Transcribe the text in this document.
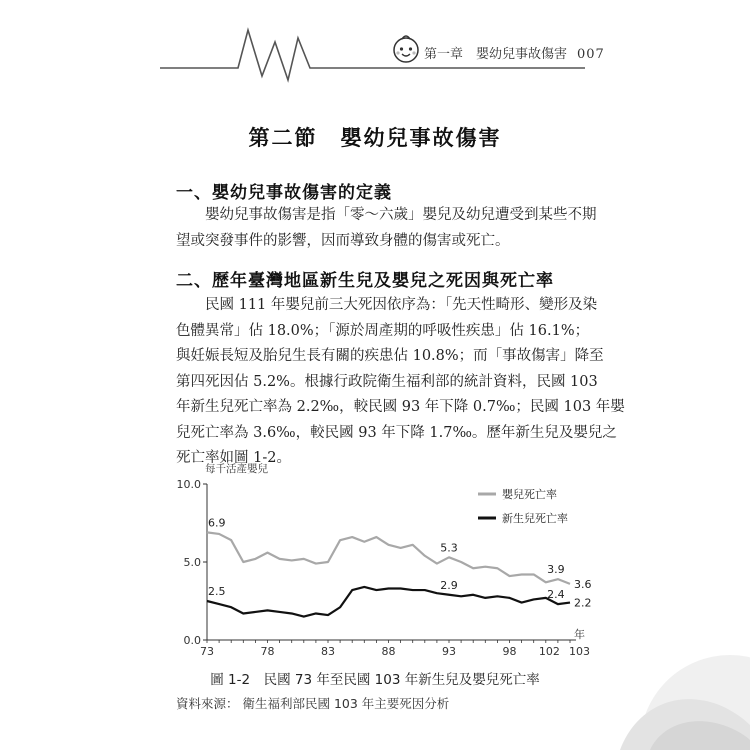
第一章　嬰幼兒事故傷害 007
第二節　嬰幼兒事故傷害
一、嬰幼兒事故傷害的定義
嬰幼兒事故傷害是指「零～六歲」嬰兒及幼兒遭受到某些不期
望或突發事件的影響，因而導致身體的傷害或死亡。
二、歷年臺灣地區新生兒及嬰兒之死因與死亡率
民國 111 年嬰兒前三大死因依序為：「先天性畸形、變形及染
色體異常」佔 18.0%；「源於周產期的呼吸性疾患」佔 16.1%；
與妊娠長短及胎兒生長有關的疾患佔 10.8%；而「事故傷害」降至
第四死因佔 5.2%。根據行政院衛生福利部的統計資料，民國 103
年新生兒死亡率為 2.2‰，較民國 93 年下降 0.7‰；民國 103 年嬰
兒死亡率為 3.6‰，較民國 93 年下降 1.7‰。歷年新生兒及嬰兒之
死亡率如圖 1-2。
0.0
5.0
10.0
73	78	83	88	93	98 102 103
每千活產嬰兒
年
6.9
5.3
3.9
3.6
2.5	2.9
2.4
2.2
嬰兒死亡率
新生兒死亡率
圖 1-2　民國 73 年至民國 103 年新生兒及嬰兒死亡率
資料來源： 衛生福利部民國 103 年主要死因分析
